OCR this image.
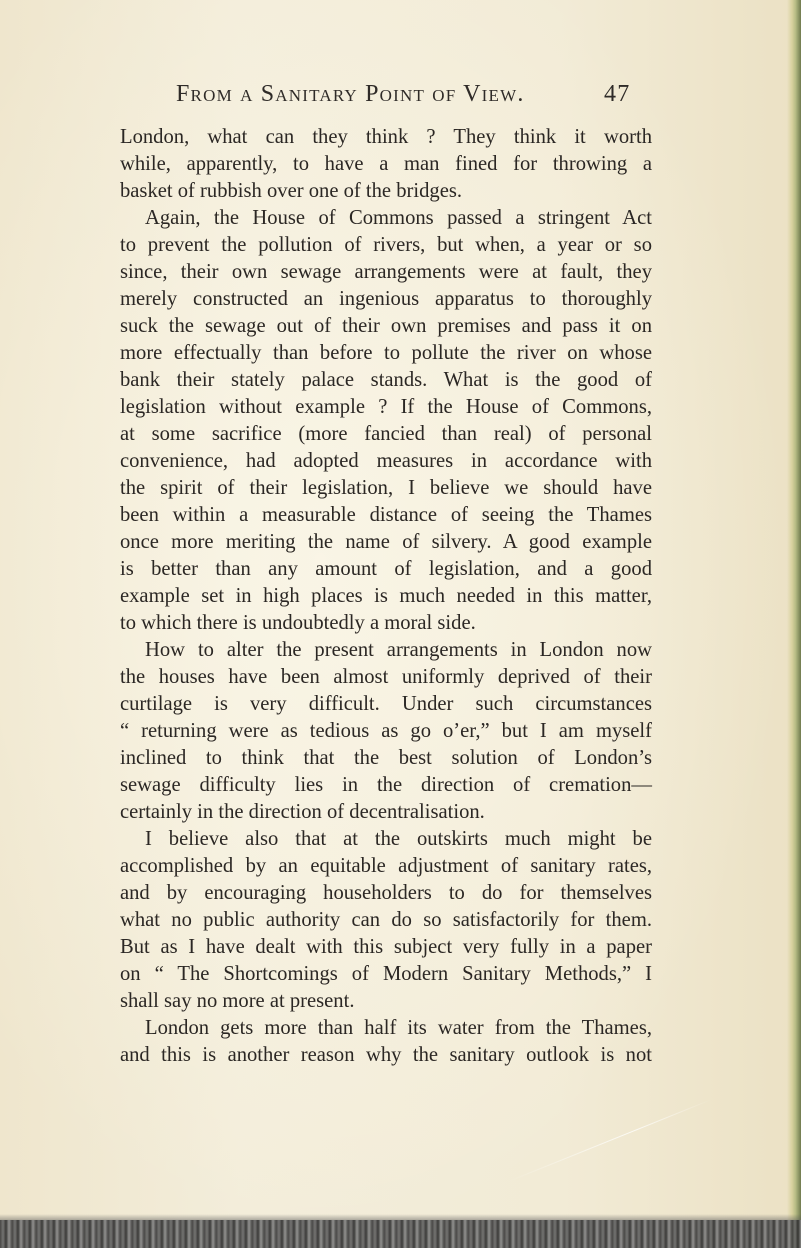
From a Sanitary Point of View.	47
London, what can they think ? They think it worth
while, apparently, to have a man fined for throwing a
basket of rubbish over one of the bridges.
Again, the House of Commons passed a stringent Act
to prevent the pollution of rivers, but when, a year or so
since, their own sewage arrangements were at fault, they
merely constructed an ingenious apparatus to thoroughly
suck the sewage out of their own premises and pass it on
more effectually than before to pollute the river on whose
bank their stately palace stands. What is the good of
legislation without example ? If the House of Commons,
at some sacrifice (more fancied than real) of personal
convenience, had adopted measures in accordance with
the spirit of their legislation, I believe we should have
been within a measurable distance of seeing the Thames
once more meriting the name of silvery. A good example
is better than any amount of legislation, and a good
example set in high places is much needed in this matter,
to which there is undoubtedly a moral side.
How to alter the present arrangements in London now
the houses have been almost uniformly deprived of their
curtilage is very difficult. Under such circumstances
“ returning were as tedious as go o’er,” but I am myself
inclined to think that the best solution of London’s
sewage difficulty lies in the direction of cremation—
certainly in the direction of decentralisation.
I believe also that at the outskirts much might be
accomplished by an equitable adjustment of sanitary rates,
and by encouraging householders to do for themselves
what no public authority can do so satisfactorily for them.
But as I have dealt with this subject very fully in a paper
on “ The Shortcomings of Modern Sanitary Methods,” I
shall say no more at present.
London gets more than half its water from the Thames,
and this is another reason why the sanitary outlook is not
